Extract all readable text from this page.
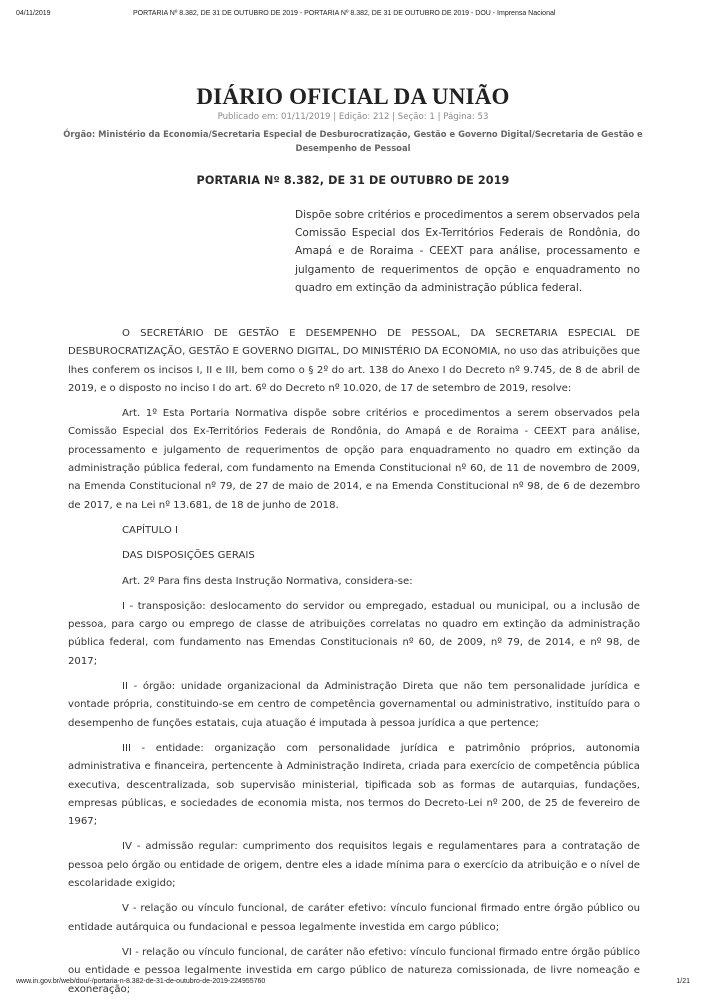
04/11/2019	PORTARIA Nº 8.382, DE 31 DE OUTUBRO DE 2019 - PORTARIA Nº 8.382, DE 31 DE OUTUBRO DE 2019 - DOU - Imprensa Nacional
DIÁRIO OFICIAL DA UNIÃO
Publicado em: 01/11/2019 | Edição: 212 | Seção: 1 | Página: 53
Órgão: Ministério da Economia/Secretaria Especial de Desburocratização, Gestão e Governo Digital/Secretaria de Gestão e Desempenho de Pessoal
PORTARIA Nº 8.382, DE 31 DE OUTUBRO DE 2019
Dispõe sobre critérios e procedimentos a serem observados pela Comissão Especial dos Ex-Territórios Federais de Rondônia, do Amapá e de Roraima - CEEXT para análise, processamento e julgamento de requerimentos de opção e enquadramento no quadro em extinção da administração pública federal.

O SECRETÁRIO DE GESTÃO E DESEMPENHO DE PESSOAL, DA SECRETARIA ESPECIAL DE DESBUROCRATIZAÇÃO, GESTÃO E GOVERNO DIGITAL, DO MINISTÉRIO DA ECONOMIA, no uso das atribuições que lhes conferem os incisos I, II e III, bem como o § 2º do art. 138 do Anexo I do Decreto nº 9.745, de 8 de abril de 2019, e o disposto no inciso I do art. 6º do Decreto nº 10.020, de 17 de setembro de 2019, resolve:

Art. 1º Esta Portaria Normativa dispõe sobre critérios e procedimentos a serem observados pela Comissão Especial dos Ex-Territórios Federais de Rondônia, do Amapá e de Roraima - CEEXT para análise, processamento e julgamento de requerimentos de opção para enquadramento no quadro em extinção da administração pública federal, com fundamento na Emenda Constitucional nº 60, de 11 de novembro de 2009, na Emenda Constitucional nº 79, de 27 de maio de 2014, e na Emenda Constitucional nº 98, de 6 de dezembro de 2017, e na Lei nº 13.681, de 18 de junho de 2018.

CAPÍTULO I

DAS DISPOSIÇÕES GERAIS

Art. 2º Para fins desta Instrução Normativa, considera-se:

I - transposição: deslocamento do servidor ou empregado, estadual ou municipal, ou a inclusão de pessoa, para cargo ou emprego de classe de atribuições correlatas no quadro em extinção da administração pública federal, com fundamento nas Emendas Constitucionais nº 60, de 2009, nº 79, de 2014, e nº 98, de 2017;

II - órgão: unidade organizacional da Administração Direta que não tem personalidade jurídica e vontade própria, constituindo-se em centro de competência governamental ou administrativo, instituído para o desempenho de funções estatais, cuja atuação é imputada à pessoa jurídica a que pertence;

III - entidade: organização com personalidade jurídica e patrimônio próprios, autonomia administrativa e financeira, pertencente à Administração Indireta, criada para exercício de competência pública executiva, descentralizada, sob supervisão ministerial, tipificada sob as formas de autarquias, fundações, empresas públicas, e sociedades de economia mista, nos termos do Decreto-Lei nº 200, de 25 de fevereiro de 1967;

IV - admissão regular: cumprimento dos requisitos legais e regulamentares para a contratação de pessoa pelo órgão ou entidade de origem, dentre eles a idade mínima para o exercício da atribuição e o nível de escolaridade exigido;

V - relação ou vínculo funcional, de caráter efetivo: vínculo funcional firmado entre órgão público ou entidade autárquica ou fundacional e pessoa legalmente investida em cargo público;

VI - relação ou vínculo funcional, de caráter não efetivo: vínculo funcional firmado entre órgão público ou entidade e pessoa legalmente investida em cargo público de natureza comissionada, de livre nomeação e exoneração;

www.in.gov.br/web/dou/-/portaria-n-8.382-de-31-de-outubro-de-2019-224955760	1/21
